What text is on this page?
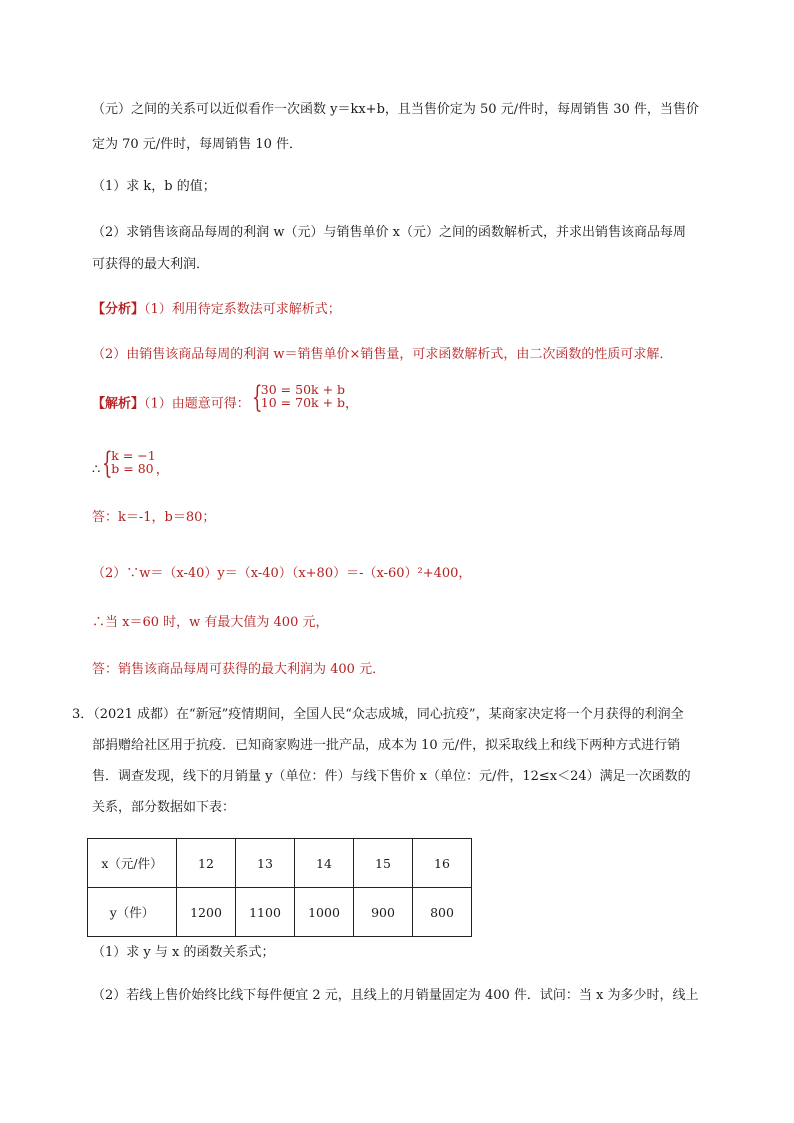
（元）之间的关系可以近似看作一次函数 y＝kx+b，且当售价定为 50 元/件时，每周销售 30 件，当售价
定为 70 元/件时，每周销售 10 件．
（1）求 k，b 的值；
（2）求销售该商品每周的利润 w（元）与销售单价 x（元）之间的函数解析式，并求出销售该商品每周
可获得的最大利润．
【分析】（1）利用待定系数法可求解析式；
（2）由销售该商品每周的利润 w＝销售单价×销售量，可求函数解析式，由二次函数的性质可求解．
【解析】（1）由题意可得： {
30 = 50k + b
10 = 70k + b ，
∴ {
k = −1
b = 80 ，
答：k＝-1，b＝80；
（2）∵w＝（x-40）y＝（x-40）（x+80）＝-（x-60）²+400，
∴当 x＝60 时，w 有最大值为 400 元，
答：销售该商品每周可获得的最大利润为 400 元．
3．（2021 成都）在“新冠”疫情期间，全国人民“众志成城，同心抗疫”，某商家决定将一个月获得的利润全
部捐赠给社区用于抗疫．已知商家购进一批产品，成本为 10 元/件，拟采取线上和线下两种方式进行销
售．调查发现，线下的月销量 y（单位：件）与线下售价 x（单位：元/件，12≤x＜24）满足一次函数的
关系，部分数据如下表：
x（元/件）	12	13	14	15	16
y（件）	1200	1100	1000	900	800
（1）求 y 与 x 的函数关系式；
（2）若线上售价始终比线下每件便宜 2 元，且线上的月销量固定为 400 件．试问：当 x 为多少时，线上
